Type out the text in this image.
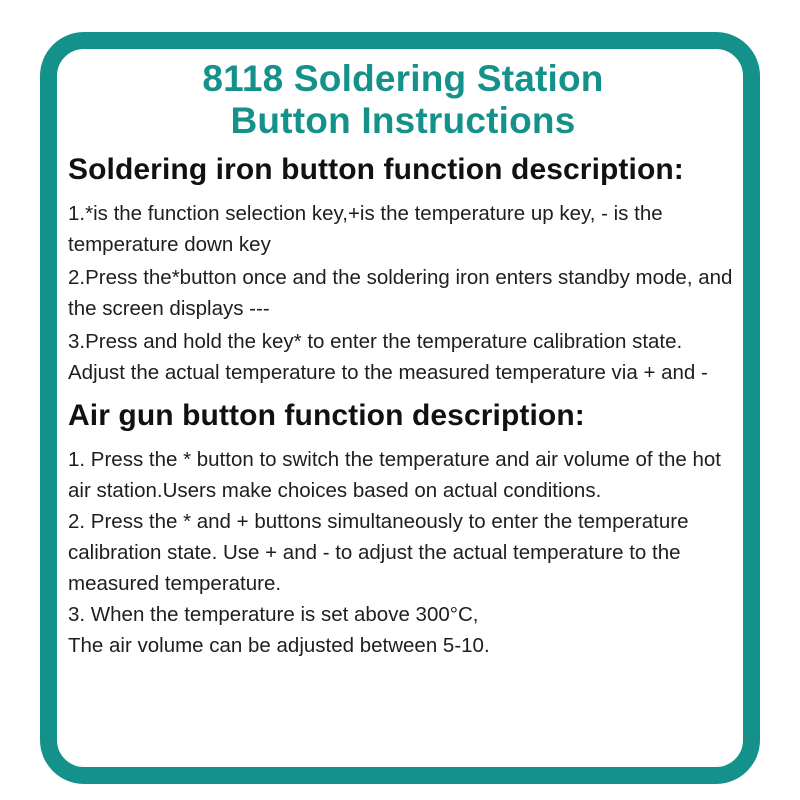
8118 Soldering Station
Button Instructions
Soldering iron button function description:

1.*is the function selection key,+is the temperature up key, - is the temperature down key

2.Press the*button once and the soldering iron enters standby mode, and the screen displays ---

3.Press and hold the key* to enter the temperature calibration state. Adjust the actual temperature to the measured temperature via + and -

Air gun button function description:

1. Press the * button to switch the temperature and air volume of the hot air station.Users make choices based on actual conditions.

2. Press the * and + buttons simultaneously to enter the temperature calibration state. Use + and - to adjust the actual temperature to the measured temperature.

3. When the temperature is set above 300°C,

The air volume can be adjusted between 5-10.
